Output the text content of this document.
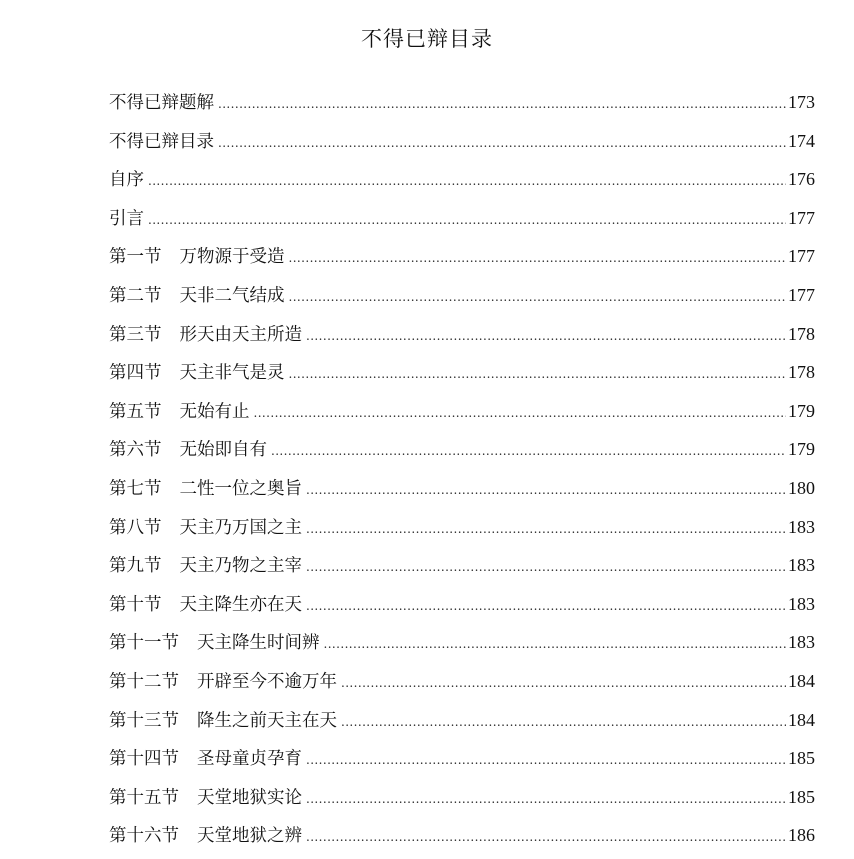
不得已辩目录
不得已辩题解 .....	173
不得已辩目录 .....	174
自序 .....	176
引言 .....	177
第一节 万物源于受造 .....	177
第二节 天非二气结成 .....	177
第三节 形天由天主所造 .....	178
第四节 天主非气是灵 .....	178
第五节 无始有止 .....	179
第六节 无始即自有 .....	179
第七节 二性一位之奥旨 .....	180
第八节 天主乃万国之主 .....	183
第九节 天主乃物之主宰 .....	183
第十节 天主降生亦在天 .....	183
第十一节 天主降生时间辨 .....	183
第十二节 开辟至今不逾万年 .....	184
第十三节 降生之前天主在天 .....	184
第十四节 圣母童贞孕育 .....	185
第十五节 天堂地狱实论 .....	185
第十六节 天堂地狱之辨 .....	186
